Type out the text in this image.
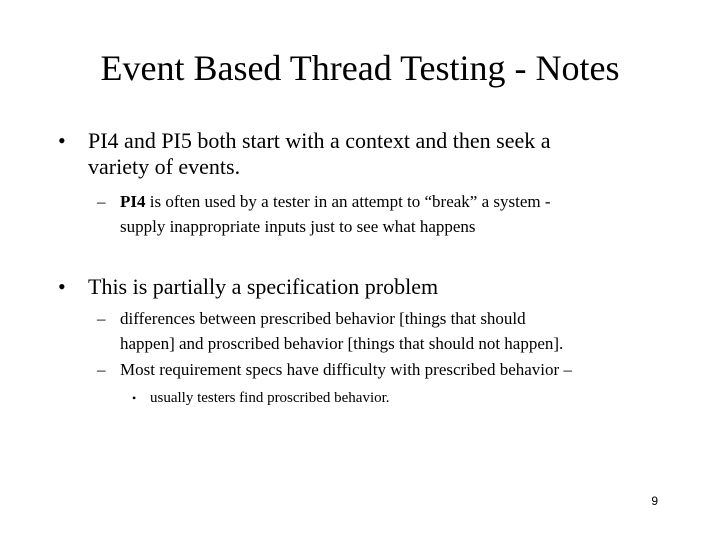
Event Based Thread Testing - Notes
• PI4 and PI5 both start with a context and then seek a
variety of events.
– PI4 is often used by a tester in an attempt to “break” a system -
supply inappropriate inputs just to see what happens
• This is partially a specification problem
– differences between prescribed behavior [things that should
happen] and proscribed behavior [things that should not happen].
– Most requirement specs have difficulty with prescribed behavior –
• usually testers find proscribed behavior.
9
